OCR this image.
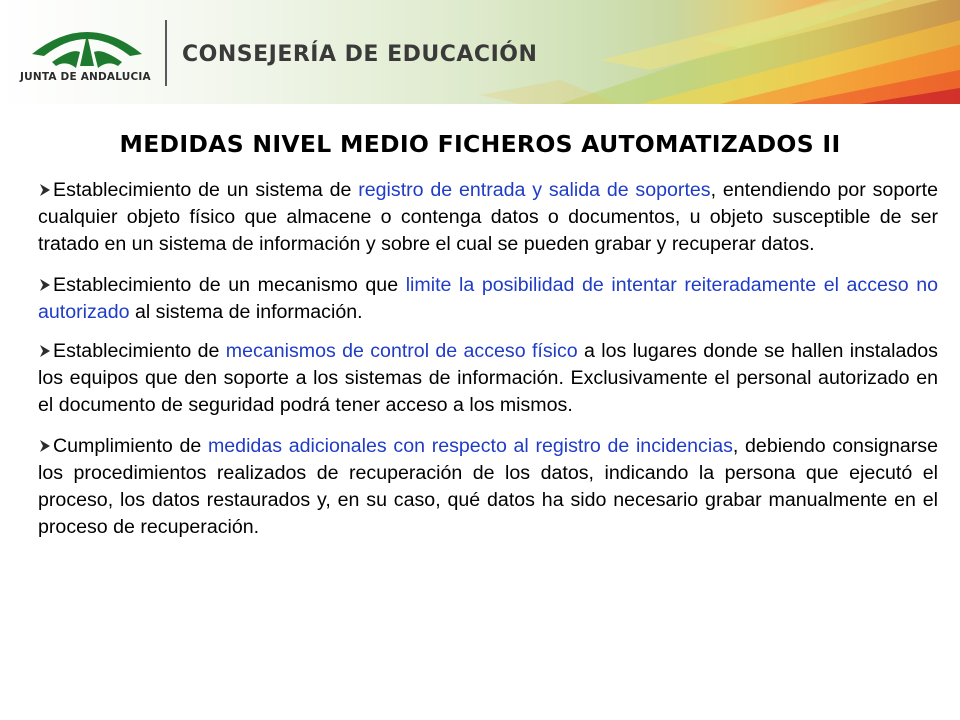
JUNTA DE ANDALUCIA
CONSEJERÍA DE EDUCACIÓN
MEDIDAS NIVEL MEDIO FICHEROS AUTOMATIZADOS II

Establecimiento de un sistema de registro de entrada y salida de soportes, entendiendo por soporte cualquier objeto físico que almacene o contenga datos o documentos, u objeto susceptible de ser tratado en un sistema de información y sobre el cual se pueden grabar y recuperar datos.

Establecimiento de un mecanismo que limite la posibilidad de intentar reiteradamente el acceso no autorizado al sistema de información.

Establecimiento de mecanismos de control de acceso físico a los lugares donde se hallen instalados los equipos que den soporte a los sistemas de información. Exclusivamente el personal autorizado en el documento de seguridad podrá tener acceso a los mismos.

Cumplimiento de medidas adicionales con respecto al registro de incidencias, debiendo consignarse los procedimientos realizados de recuperación de los datos, indicando la persona que ejecutó el proceso, los datos restaurados y, en su caso, qué datos ha sido necesario grabar manualmente en el proceso de recuperación.
